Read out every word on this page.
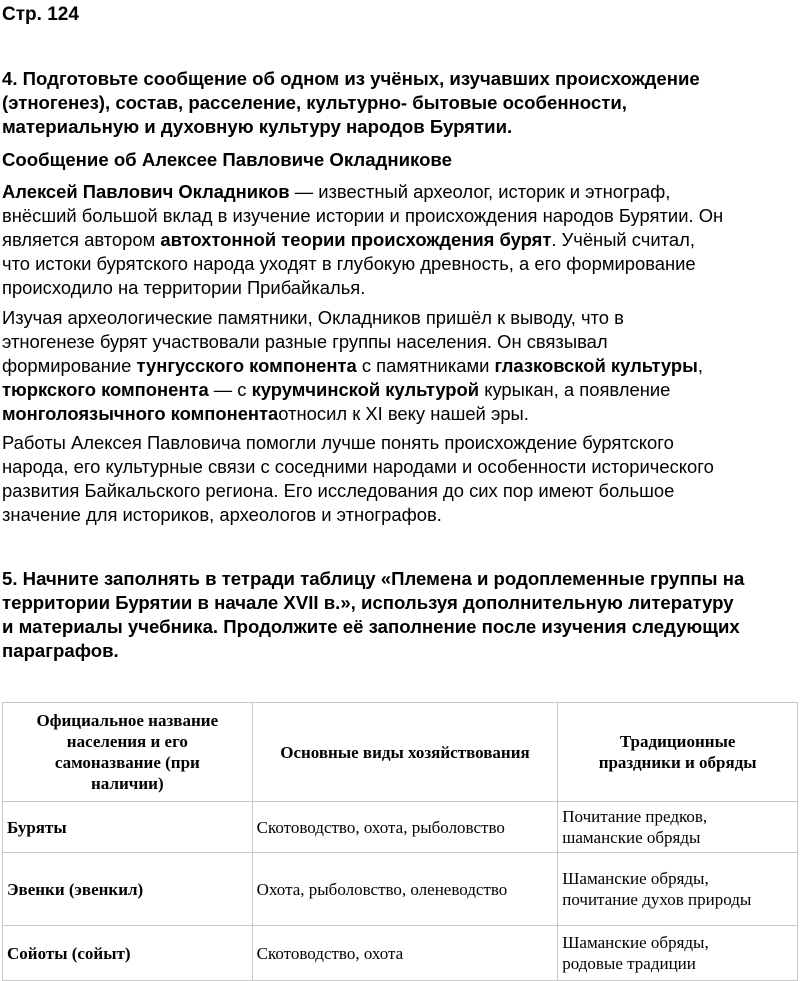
Стр. 124

4. Подготовьте сообщение об одном из учёных, изучавших происхождение
(этногенез), состав, расселение, культурно- бытовые особенности,
материальную и духовную культуру народов Бурятии.

Сообщение об Алексее Павловиче Окладникове

Алексей Павлович Окладников — известный археолог, историк и этнограф,
внёсший большой вклад в изучение истории и происхождения народов Бурятии. Он
является автором автохтонной теории происхождения бурят. Учёный считал,
что истоки бурятского народа уходят в глубокую древность, а его формирование
происходило на территории Прибайкалья.

Изучая археологические памятники, Окладников пришёл к выводу, что в
этногенезе бурят участвовали разные группы населения. Он связывал
формирование тунгусского компонента с памятниками глазковской культуры,
тюркского компонента — с курумчинской культурой курыкан, а появление
монголоязычного компонентаотносил к XI веку нашей эры.

Работы Алексея Павловича помогли лучше понять происхождение бурятского
народа, его культурные связи с соседними народами и особенности исторического
развития Байкальского региона. Его исследования до сих пор имеют большое
значение для историков, археологов и этнографов.

5. Начните заполнять в тетради таблицу «Племена и родоплеменные группы на
территории Бурятии в начале XVII в.», используя дополнительную литературу
и материалы учебника. Продолжите её заполнение после изучения следующих
параграфов.

Официальное название
населения и его
самоназвание (при
наличии)	Основные виды хозяйствования	Традиционные
праздники и обряды
Буряты	Скотоводство, охота, рыболовство	Почитание предков,
шаманские обряды
Эвенки (эвенкил)	Охота, рыболовство, оленеводство	Шаманские обряды,
почитание духов природы
Сойоты (сойыт)	Скотоводство, охота	Шаманские обряды,
родовые традиции
